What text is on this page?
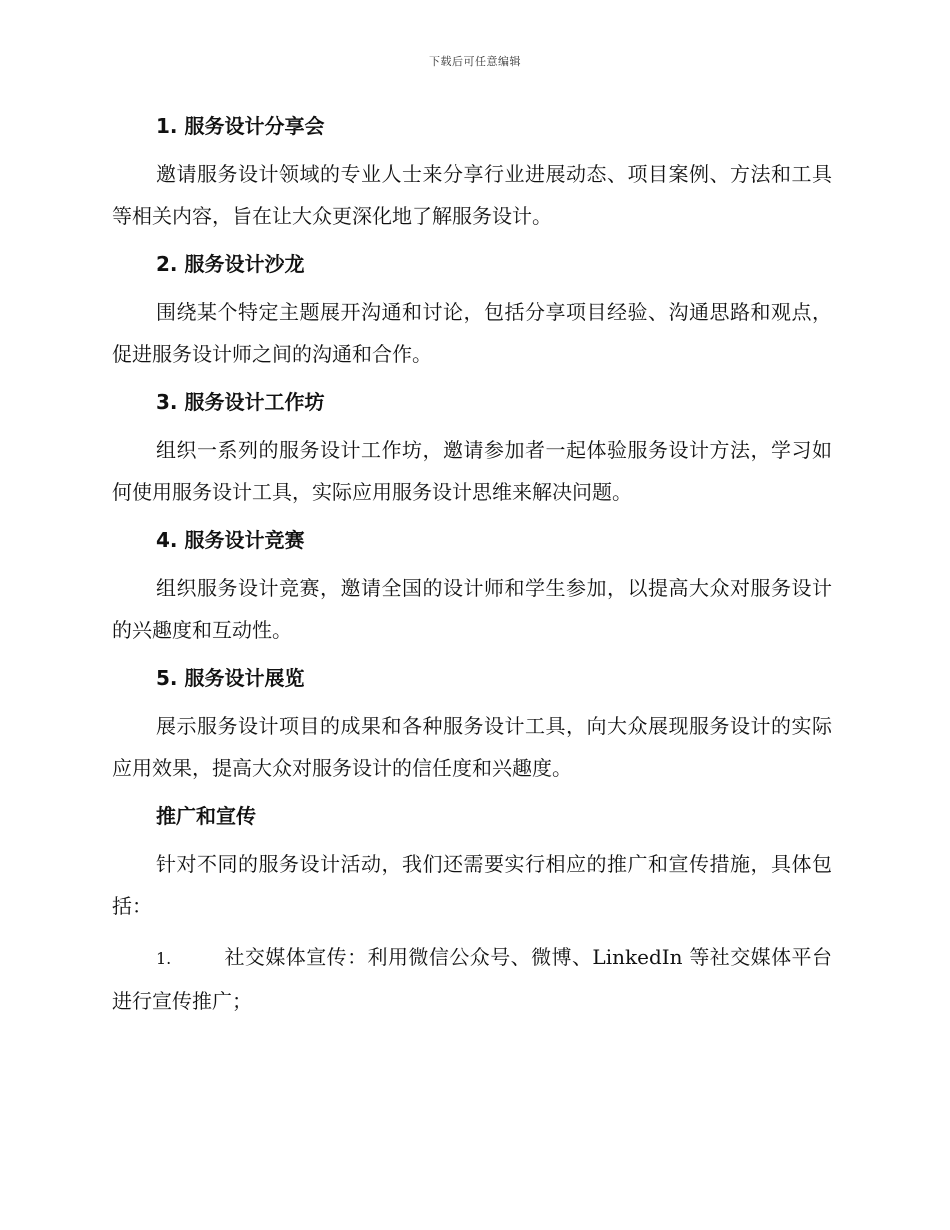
下载后可任意编辑
1. 服务设计分享会

邀请服务设计领域的专业人士来分享行业进展动态、项目案例、方法和工具等相关内容，旨在让大众更深化地了解服务设计。

2. 服务设计沙龙

围绕某个特定主题展开沟通和讨论，包括分享项目经验、沟通思路和观点，促进服务设计师之间的沟通和合作。

3. 服务设计工作坊

组织一系列的服务设计工作坊，邀请参加者一起体验服务设计方法，学习如何使用服务设计工具，实际应用服务设计思维来解决问题。

4. 服务设计竞赛

组织服务设计竞赛，邀请全国的设计师和学生参加，以提高大众对服务设计的兴趣度和互动性。

5. 服务设计展览

展示服务设计项目的成果和各种服务设计工具，向大众展现服务设计的实际应用效果，提高大众对服务设计的信任度和兴趣度。

推广和宣传

针对不同的服务设计活动，我们还需要实行相应的推广和宣传措施，具体包括：

1.	社交媒体宣传：利用微信公众号、微博、LinkedIn 等社交媒体平台进行宣传推广；
